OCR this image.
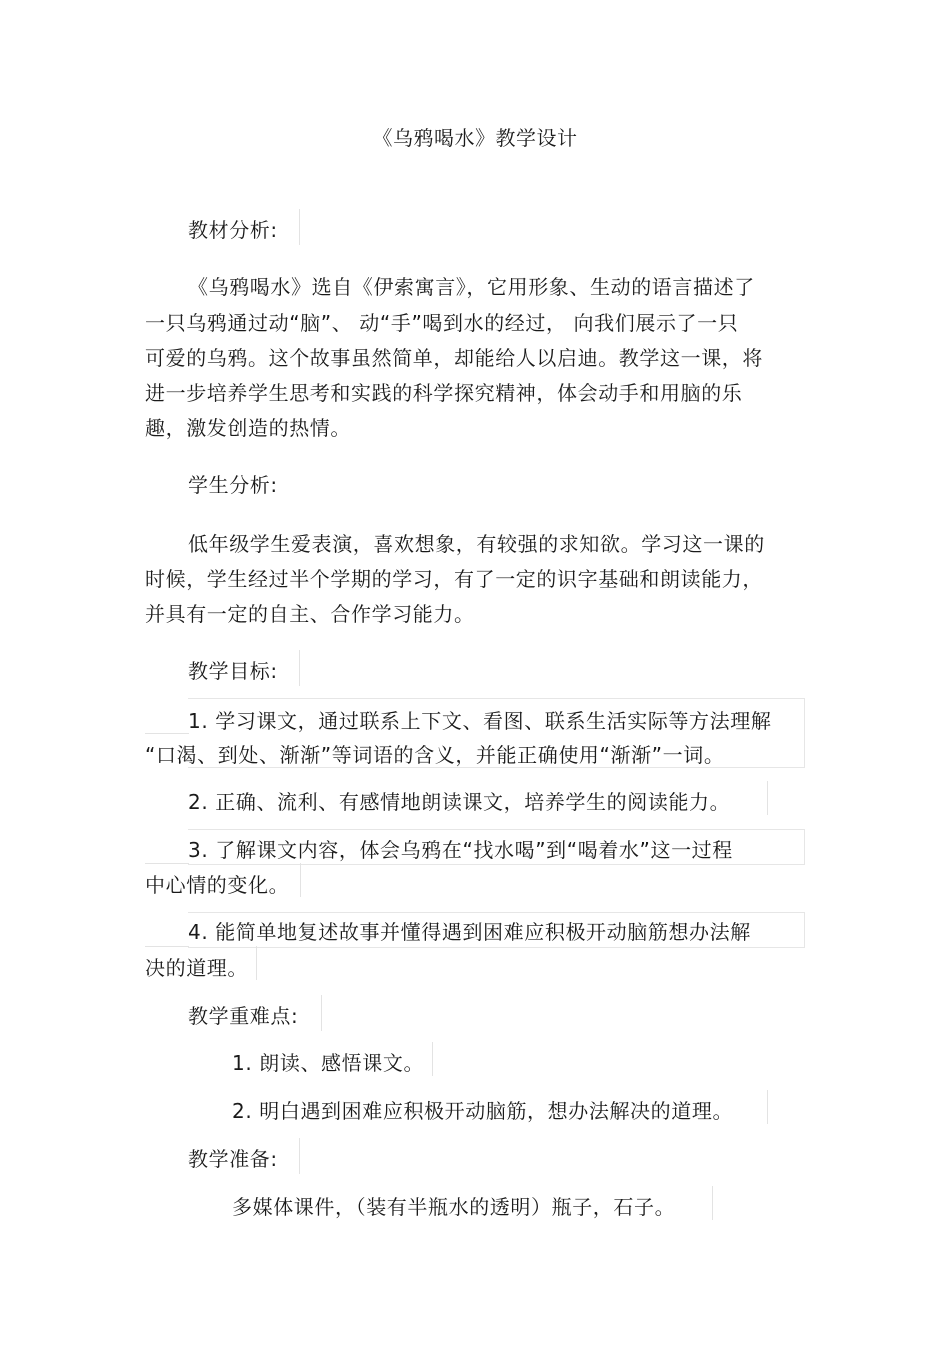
《乌鸦喝水》教学设计
教材分析:
《乌鸦喝水》选自《伊索寓言》，它用形象、生动的语言描述了
一只乌鸦通过动“脑”、 动“手”喝到水的经过， 向我们展示了一只
可爱的乌鸦。这个故事虽然简单，却能给人以启迪。教学这一课，将
进一步培养学生思考和实践的科学探究精神，体会动手和用脑的乐
趣，激发创造的热情。
学生分析:
低年级学生爱表演，喜欢想象，有较强的求知欲。学习这一课的
时候，学生经过半个学期的学习，有了一定的识字基础和朗读能力，
并具有一定的自主、合作学习能力。
教学目标:
1. 学习课文，通过联系上下文、看图、联系生活实际等方法理解
“口渴、到处、渐渐”等词语的含义，并能正确使用“渐渐”一词。
2. 正确、流利、有感情地朗读课文，培养学生的阅读能力。
3. 了解课文内容，体会乌鸦在“找水喝”到“喝着水”这一过程
中心情的变化。
4. 能简单地复述故事并懂得遇到困难应积极开动脑筋想办法解
决的道理。
教学重难点:
1. 朗读、感悟课文。
2. 明白遇到困难应积极开动脑筋，想办法解决的道理。
教学准备:
多媒体课件，（装有半瓶水的透明）瓶子，石子。
